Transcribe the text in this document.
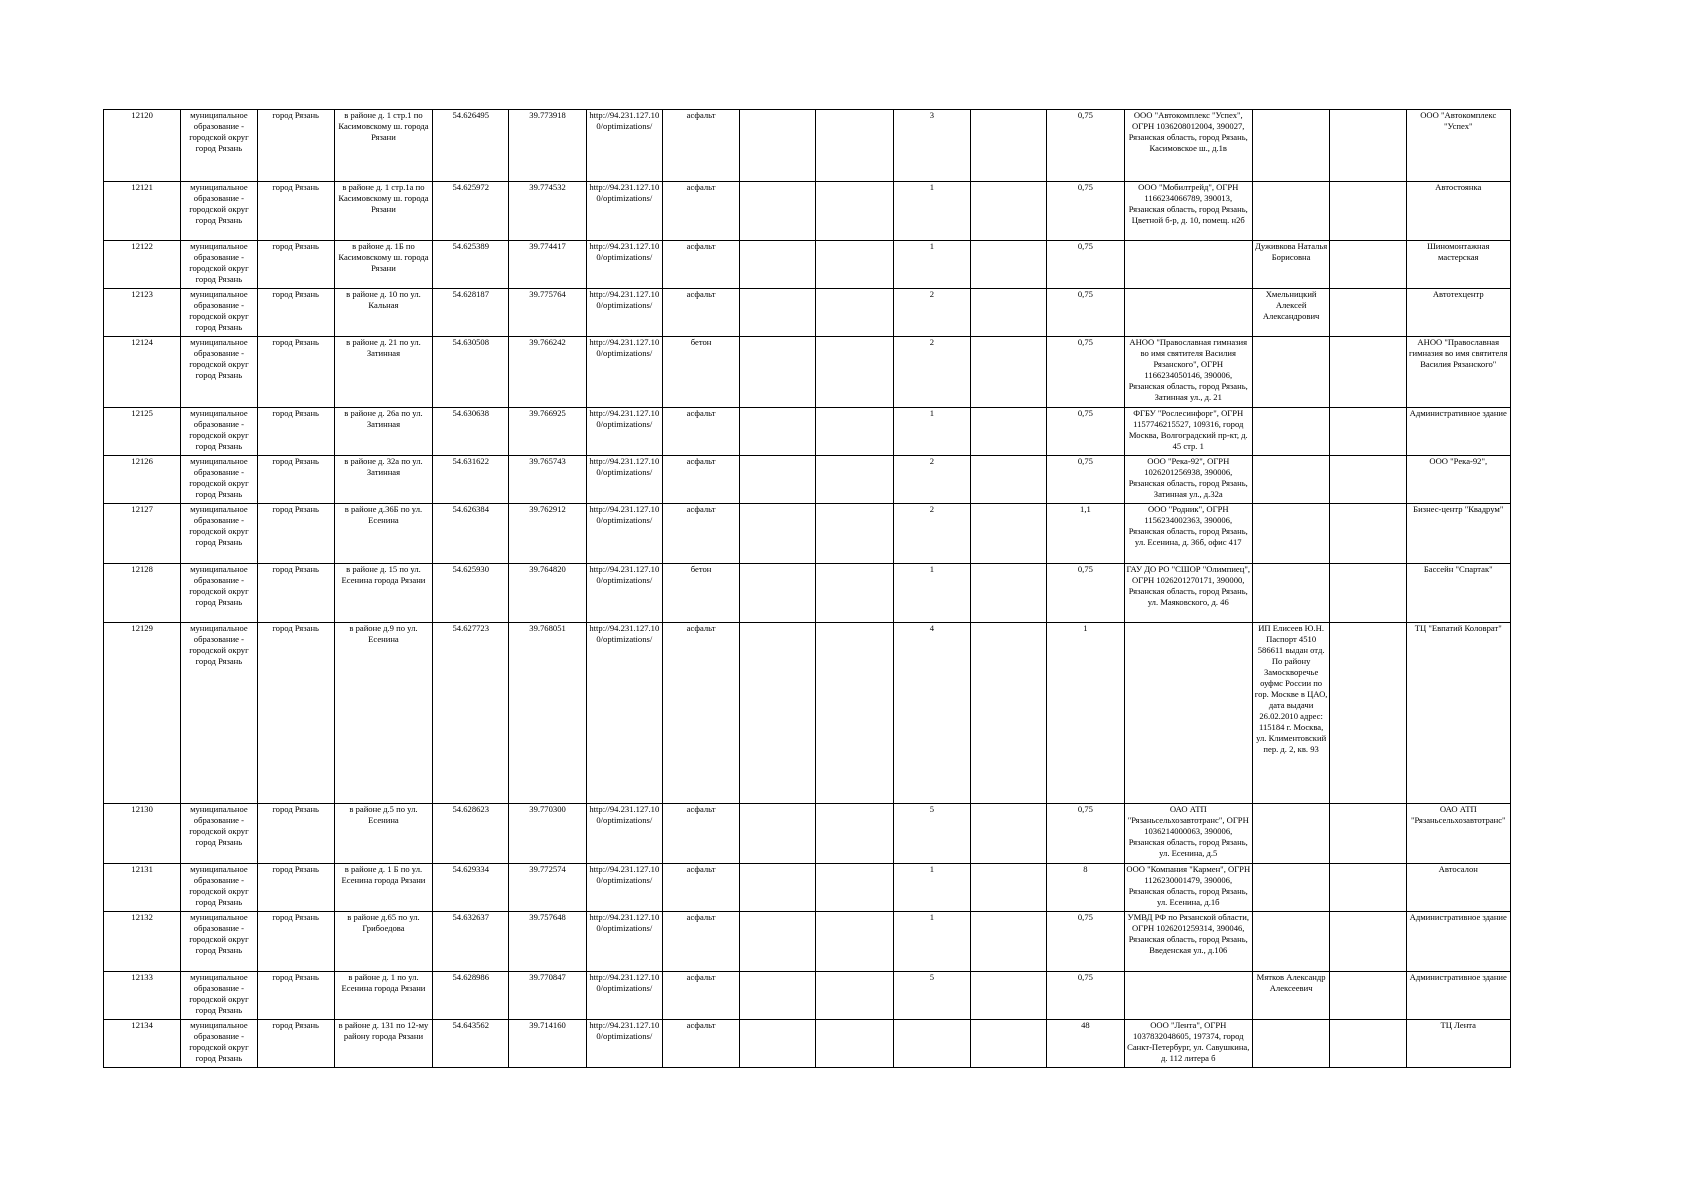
12120	муниципальное образование - городской округ город Рязань	город Рязань	в районе д. 1 стр.1 по Касимовскому ш. города Рязани	54.626495	39.773918	http://94.231.127.10 0/optimizations/	асфальт			3		0,75	ООО "Автокомплекс "Успех", ОГРН 1036208012004, 390027, Рязанская область, город Рязань, Касимовское ш., д.1в			ООО "Автокомплекс "Успех"
12121	муниципальное образование - городской округ город Рязань	город Рязань	в районе д. 1 стр.1а по Касимовскому ш. города Рязани	54.625972	39.774532	http://94.231.127.10 0/optimizations/	асфальт			1		0,75	ООО "Мобилтрейд", ОГРН 1166234066789, 390013, Рязанская область, город Рязань, Цветной б-р, д. 10, помещ. н2б			Автостоянка
12122	муниципальное образование - городской округ город Рязань	город Рязань	в районе д. 1Б по Касимовскому ш. города Рязани	54.625389	39.774417	http://94.231.127.10 0/optimizations/	асфальт			1		0,75		Дуживкова Наталья Борисовна		Шиномонтажная мастерская
12123	муниципальное образование - городской округ город Рязань	город Рязань	в районе д. 10 по ул. Кальная	54.628187	39.775764	http://94.231.127.10 0/optimizations/	асфальт			2		0,75		Хмельницкий Алексей Александрович		Автотехцентр
12124	муниципальное образование - городской округ город Рязань	город Рязань	в районе д. 21 по ул. Затинная	54.630508	39.766242	http://94.231.127.10 0/optimizations/	бетон			2		0,75	АНОО "Православная гимназия во имя святителя Василия Рязанского", ОГРН 1166234050146, 390006, Рязанская область, город Рязань, Затинная ул., д. 21			АНОО "Православная гимназия во имя святителя Василия Рязанского"
12125	муниципальное образование - городской округ город Рязань	город Рязань	в районе д. 26а по ул. Затинная	54.630638	39.766925	http://94.231.127.10 0/optimizations/	асфальт			1		0,75	ФГБУ "Рослесинфорг", ОГРН 1157746215527, 109316, город Москва, Волгоградский пр-кт, д. 45 стр. 1			Административное здание
12126	муниципальное образование - городской округ город Рязань	город Рязань	в районе д. 32а по ул. Затинная	54.631622	39.765743	http://94.231.127.10 0/optimizations/	асфальт			2		0,75	ООО "Река-92", ОГРН 1026201256938, 390006, Рязанская область, город Рязань, Затинная ул., д.32а			ООО "Река-92",
12127	муниципальное образование - городской округ город Рязань	город Рязань	в районе д.36Б по ул. Есенина	54.626384	39.762912	http://94.231.127.10 0/optimizations/	асфальт			2		1,1	ООО "Родник", ОГРН 1156234002363, 390006, Рязанская область, город Рязань, ул. Есенина, д. 36б, офис 417			Бизнес-центр "Квадрум"
12128	муниципальное образование - городской округ город Рязань	город Рязань	в районе д. 15 по ул. Есенина города Рязани	54.625930	39.764820	http://94.231.127.10 0/optimizations/	бетон			1		0,75	ГАУ ДО РО "СШОР "Олимпиец", ОГРН 1026201270171, 390000, Рязанская область, город Рязань, ул. Маяковского, д. 46			Бассейн "Спартак"
12129	муниципальное образование - городской округ город Рязань	город Рязань	в районе д.9 по ул. Есенина	54.627723	39.768051	http://94.231.127.10 0/optimizations/	асфальт			4		1		ИП Елисеев Ю.Н. Паспорт 4510 586611 выдан отд. По району Замоскворечье оуфмс России по гор. Москве в ЦАО, дата выдачи 26.02.2010 адрес: 115184 г. Москва, ул. Климентовский пер. д. 2, кв. 93		ТЦ "Евпатий Коловрат"
12130	муниципальное образование - городской округ город Рязань	город Рязань	в районе д.5 по ул. Есенина	54.628623	39.770300	http://94.231.127.10 0/optimizations/	асфальт			5		0,75	ОАО АТП "Рязаньсельхозавтотранс", ОГРН 1036214000063, 390006, Рязанская область, город Рязань, ул. Есенина, д.5			ОАО АТП "Рязаньсельхозавтотранс"
12131	муниципальное образование - городской округ город Рязань	город Рязань	в районе д. 1 Б по ул. Есенина города Рязани	54.629334	39.772574	http://94.231.127.10 0/optimizations/	асфальт			1		8	ООО "Компания "Кармен", ОГРН 1126230001479, 390006, Рязанская область, город Рязань, ул. Есенина, д.1б			Автосалон
12132	муниципальное образование - городской округ город Рязань	город Рязань	в районе д.65 по ул. Грибоедова	54.632637	39.757648	http://94.231.127.10 0/optimizations/	асфальт			1		0,75	УМВД РФ по Рязанской области, ОГРН 1026201259314, 390046, Рязанская область, город Рязань, Введенская ул., д.106			Административное здание
12133	муниципальное образование - городской округ город Рязань	город Рязань	в районе д. 1 по ул. Есенина города Рязани	54.628986	39.770847	http://94.231.127.10 0/optimizations/	асфальт			5		0,75		Мятков Александр Алексеевич		Административное здание
12134	муниципальное образование - городской округ город Рязань	город Рязань	в районе д. 131 по 12-му району города Рязани	54.643562	39.714160	http://94.231.127.10 0/optimizations/	асфальт					48	ООО "Лента", ОГРН 1037832048605, 197374, город Санкт-Петербург, ул. Савушкина, д. 112 литера б			ТЦ Лента
